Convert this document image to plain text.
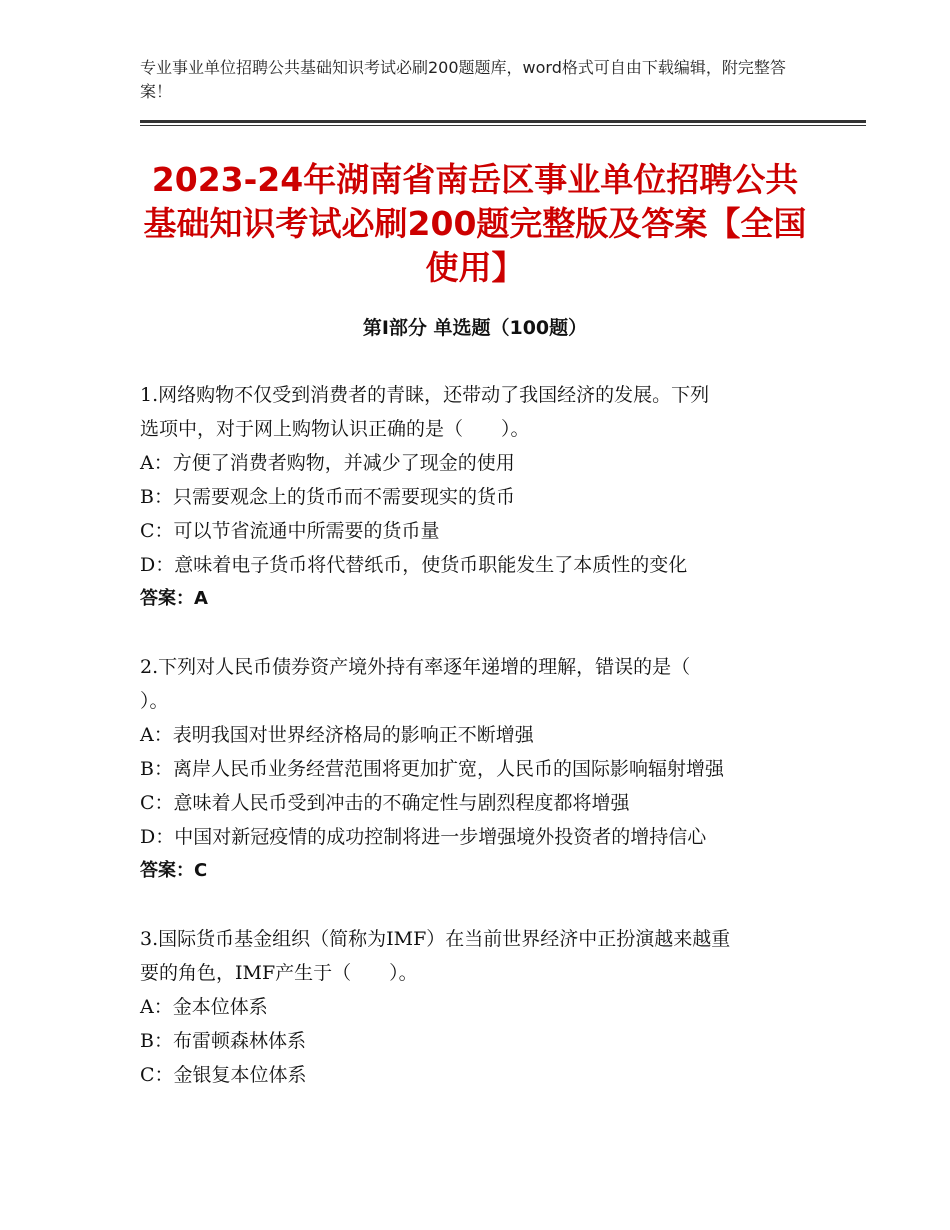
专业事业单位招聘公共基础知识考试必刷200题题库，word格式可自由下载编辑，附完整答案！
2023-24年湖南省南岳区事业单位招聘公共基础知识考试必刷200题完整版及答案【全国使用】
第Ⅰ部分 单选题（100题）
1.网络购物不仅受到消费者的青睐，还带动了我国经济的发展。下列
选项中，对于网上购物认识正确的是（　　）。
A：方便了消费者购物，并减少了现金的使用
B：只需要观念上的货币而不需要现实的货币
C：可以节省流通中所需要的货币量
D：意味着电子货币将代替纸币，使货币职能发生了本质性的变化
答案：A
2.下列对人民币债券资产境外持有率逐年递增的理解，错误的是（
）。
A：表明我国对世界经济格局的影响正不断增强
B：离岸人民币业务经营范围将更加扩宽，人民币的国际影响辐射增强
C：意味着人民币受到冲击的不确定性与剧烈程度都将增强
D：中国对新冠疫情的成功控制将进一步增强境外投资者的增持信心
答案：C
3.国际货币基金组织（简称为IMF）在当前世界经济中正扮演越来越重
要的角色，IMF产生于（　　）。
A：金本位体系
B：布雷顿森林体系
C：金银复本位体系
